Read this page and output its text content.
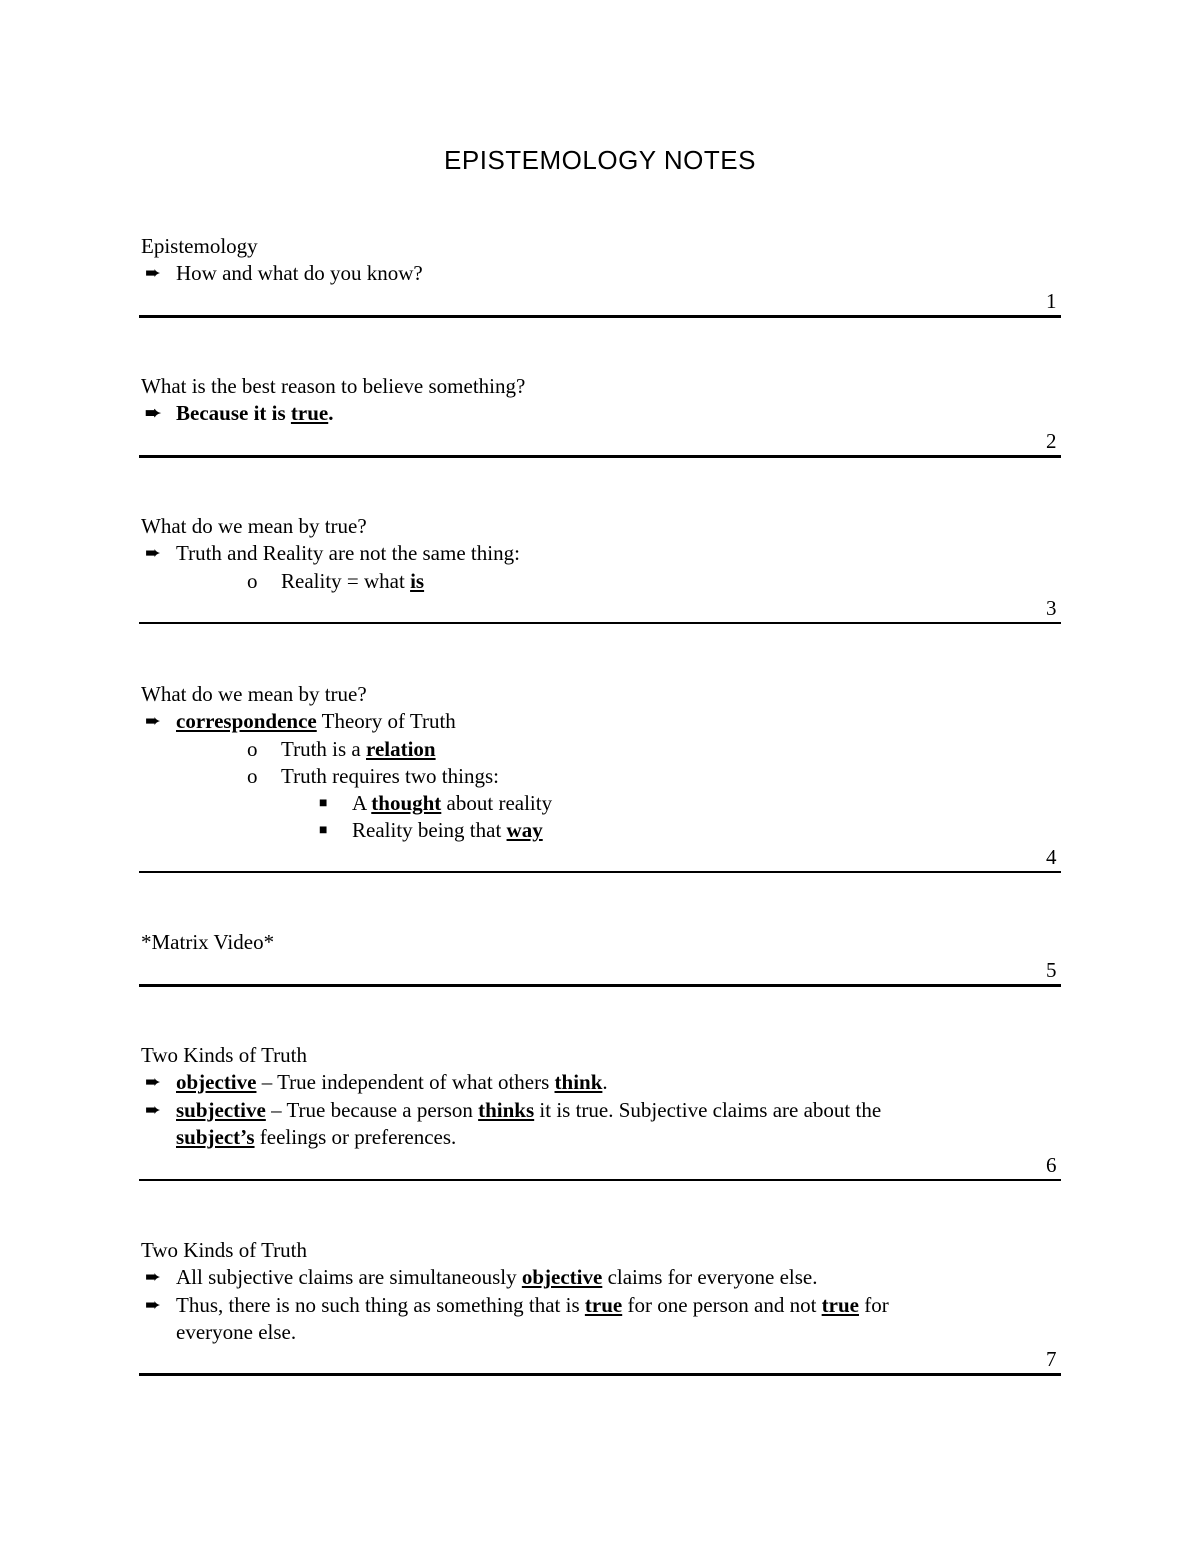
EPISTEMOLOGY NOTES
Epistemology
➨ How and what do you know?
1
What is the best reason to believe something?
➨ Because it is true.
2
What do we mean by true?
➨ Truth and Reality are not the same thing:
o Reality = what is
3
What do we mean by true?
➨ correspondence Theory of Truth
o Truth is a relation
o Truth requires two things:
■ A thought about reality
■ Reality being that way
4
*Matrix Video*
5
Two Kinds of Truth
➨ objective – True independent of what others think.
➨ subjective – True because a person thinks it is true. Subjective claims are about the
subject’s feelings or preferences.
6
Two Kinds of Truth
➨ All subjective claims are simultaneously objective claims for everyone else.
➨ Thus, there is no such thing as something that is true for one person and not true for
everyone else.
7
